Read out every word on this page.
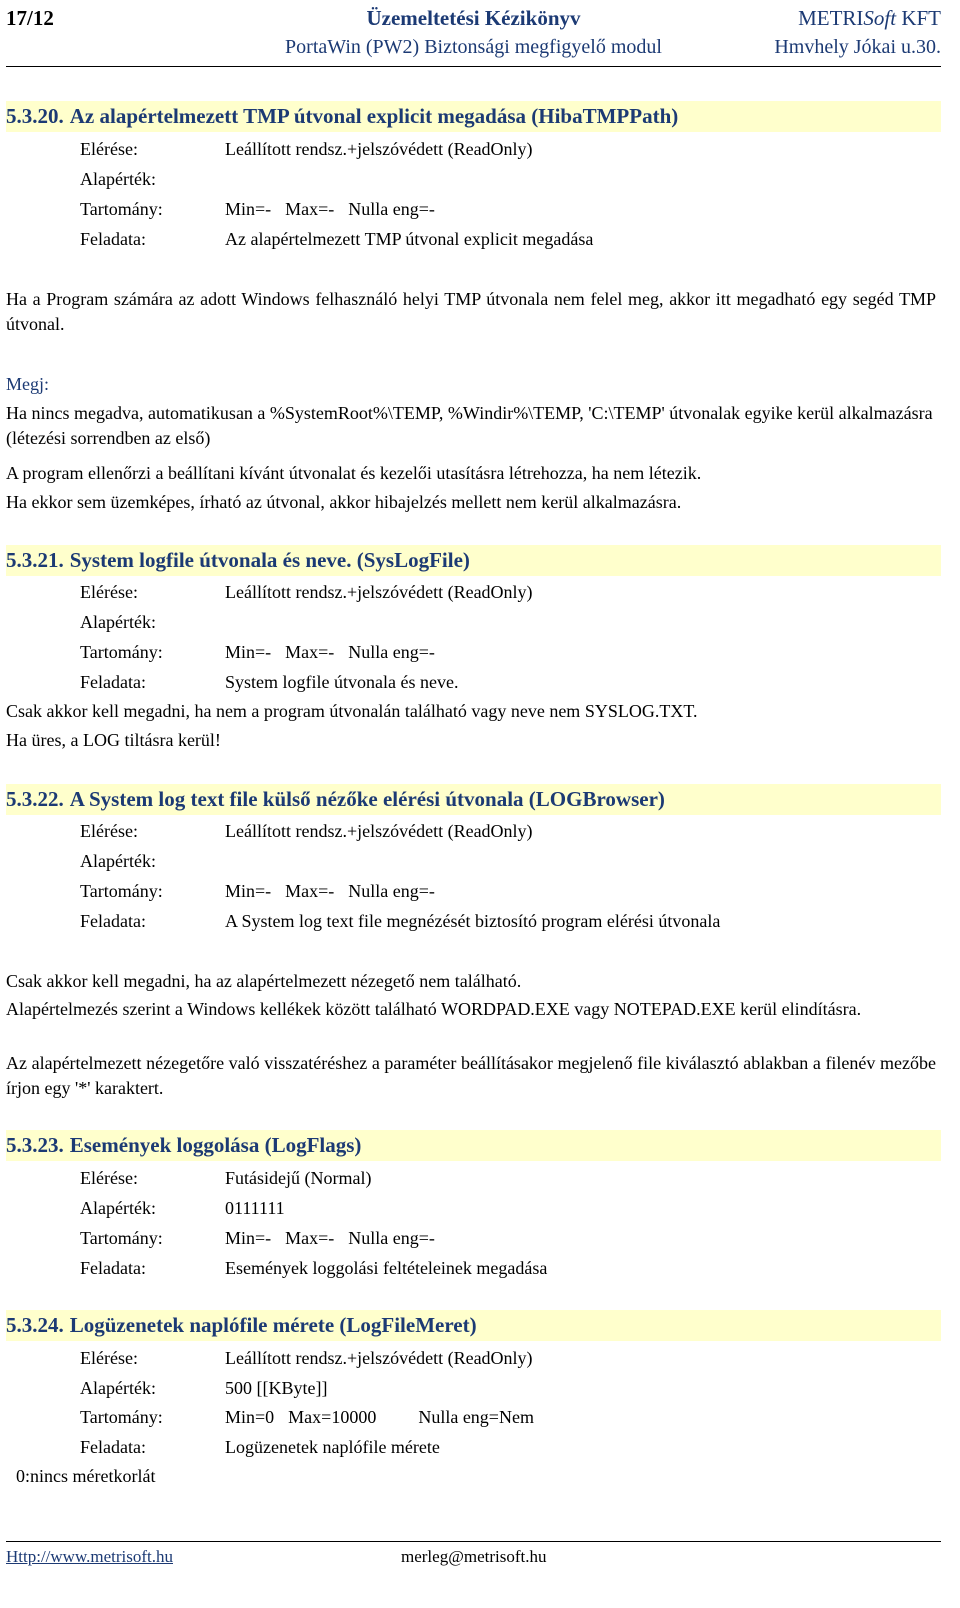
17/12	Üzemeltetési Kézikönyv	METRISoft KFT
PortaWin (PW2) Biztonsági megfigyelő modul	Hmvhely Jókai u.30.
5.3.20. Az alapértelmezett TMP útvonal explicit megadása (HibaTMPPath)
Elérése:	Leállított rendsz.+jelszóvédett (ReadOnly)
Alapérték:
Tartomány:	Min=- Max=- Nulla eng=-
Feladata:	Az alapértelmezett TMP útvonal explicit megadása
Ha a Program számára az adott Windows felhasználó helyi TMP útvonala nem felel meg, akkor itt megadható egy segéd TMP útvonal.
Megj:
Ha nincs megadva, automatikusan a %SystemRoot%\TEMP, %Windir%\TEMP, 'C:\TEMP' útvonalak egyike kerül alkalmazásra (létezési sorrendben az első)
A program ellenőrzi a beállítani kívánt útvonalat és kezelői utasításra létrehozza, ha nem létezik.
Ha ekkor sem üzemképes, írható az útvonal, akkor hibajelzés mellett nem kerül alkalmazásra.
5.3.21. System logfile útvonala és neve. (SysLogFile)
Elérése:	Leállított rendsz.+jelszóvédett (ReadOnly)
Alapérték:
Tartomány:	Min=- Max=- Nulla eng=-
Feladata:	System logfile útvonala és neve.
Csak akkor kell megadni, ha nem a program útvonalán található vagy neve nem SYSLOG.TXT.
Ha üres, a LOG tiltásra kerül!
5.3.22. A System log text file külső nézőke elérési útvonala (LOGBrowser)
Elérése:	Leállított rendsz.+jelszóvédett (ReadOnly)
Alapérték:
Tartomány:	Min=- Max=- Nulla eng=-
Feladata:	A System log text file megnézését biztosító program elérési útvonala
Csak akkor kell megadni, ha az alapértelmezett nézegető nem található.
Alapértelmezés szerint a Windows kellékek között található WORDPAD.EXE vagy NOTEPAD.EXE kerül elindításra.
Az alapértelmezett nézegetőre való visszatéréshez a paraméter beállításakor megjelenő file kiválasztó ablakban a filenév mezőbe írjon egy '*' karaktert.
5.3.23. Események loggolása (LogFlags)
Elérése:	Futásidejű (Normal)
Alapérték:	0111111
Tartomány:	Min=- Max=- Nulla eng=-
Feladata:	Események loggolási feltételeinek megadása
5.3.24. Logüzenetek naplófile mérete (LogFileMeret)
Elérése:	Leállított rendsz.+jelszóvédett (ReadOnly)
Alapérték:	500 [[KByte]]
Tartomány:	Min=0 Max=10000 Nulla eng=Nem
Feladata:	Logüzenetek naplófile mérete
0:nincs méretkorlát
Http://www.metrisoft.hu	merleg@metrisoft.hu
